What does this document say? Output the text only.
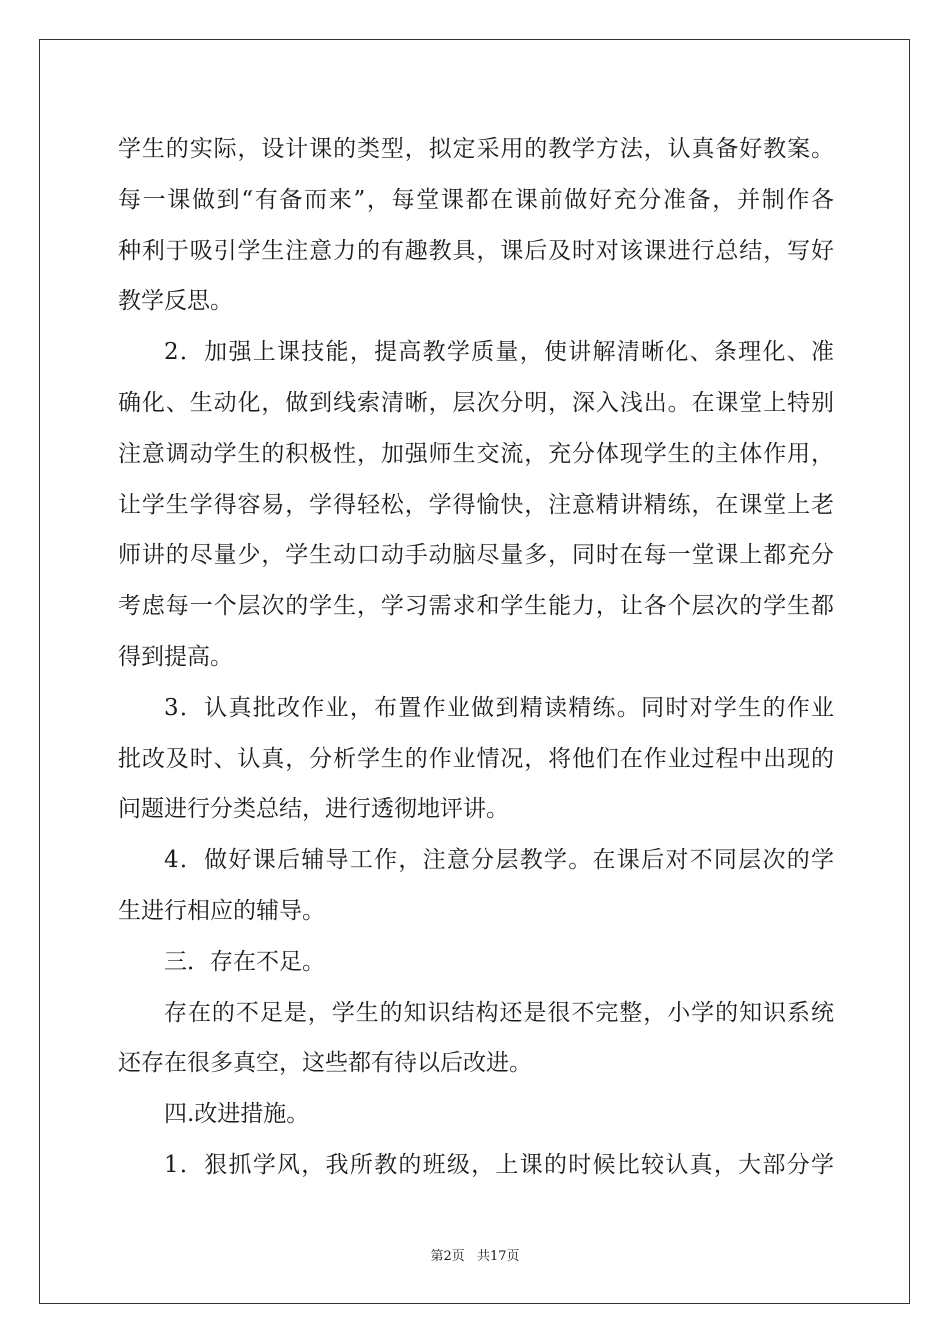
学生的实际，设计课的类型，拟定采用的教学方法，认真备好教案。
每一课做到“有备而来”，每堂课都在课前做好充分准备，并制作各
种利于吸引学生注意力的有趣教具，课后及时对该课进行总结，写好
教学反思。
2．加强上课技能，提高教学质量，使讲解清晰化、条理化、准
确化、生动化，做到线索清晰，层次分明，深入浅出。在课堂上特别
注意调动学生的积极性，加强师生交流，充分体现学生的主体作用，
让学生学得容易，学得轻松，学得愉快，注意精讲精练，在课堂上老
师讲的尽量少，学生动口动手动脑尽量多，同时在每一堂课上都充分
考虑每一个层次的学生，学习需求和学生能力，让各个层次的学生都
得到提高。
3．认真批改作业，布置作业做到精读精练。同时对学生的作业
批改及时、认真，分析学生的作业情况，将他们在作业过程中出现的
问题进行分类总结，进行透彻地评讲。
4．做好课后辅导工作，注意分层教学。在课后对不同层次的学
生进行相应的辅导。
三．存在不足。
存在的不足是，学生的知识结构还是很不完整，小学的知识系统
还存在很多真空，这些都有待以后改进。
四.改进措施。
1．狠抓学风，我所教的班级，上课的时候比较认真，大部分学
第2页 共17页
